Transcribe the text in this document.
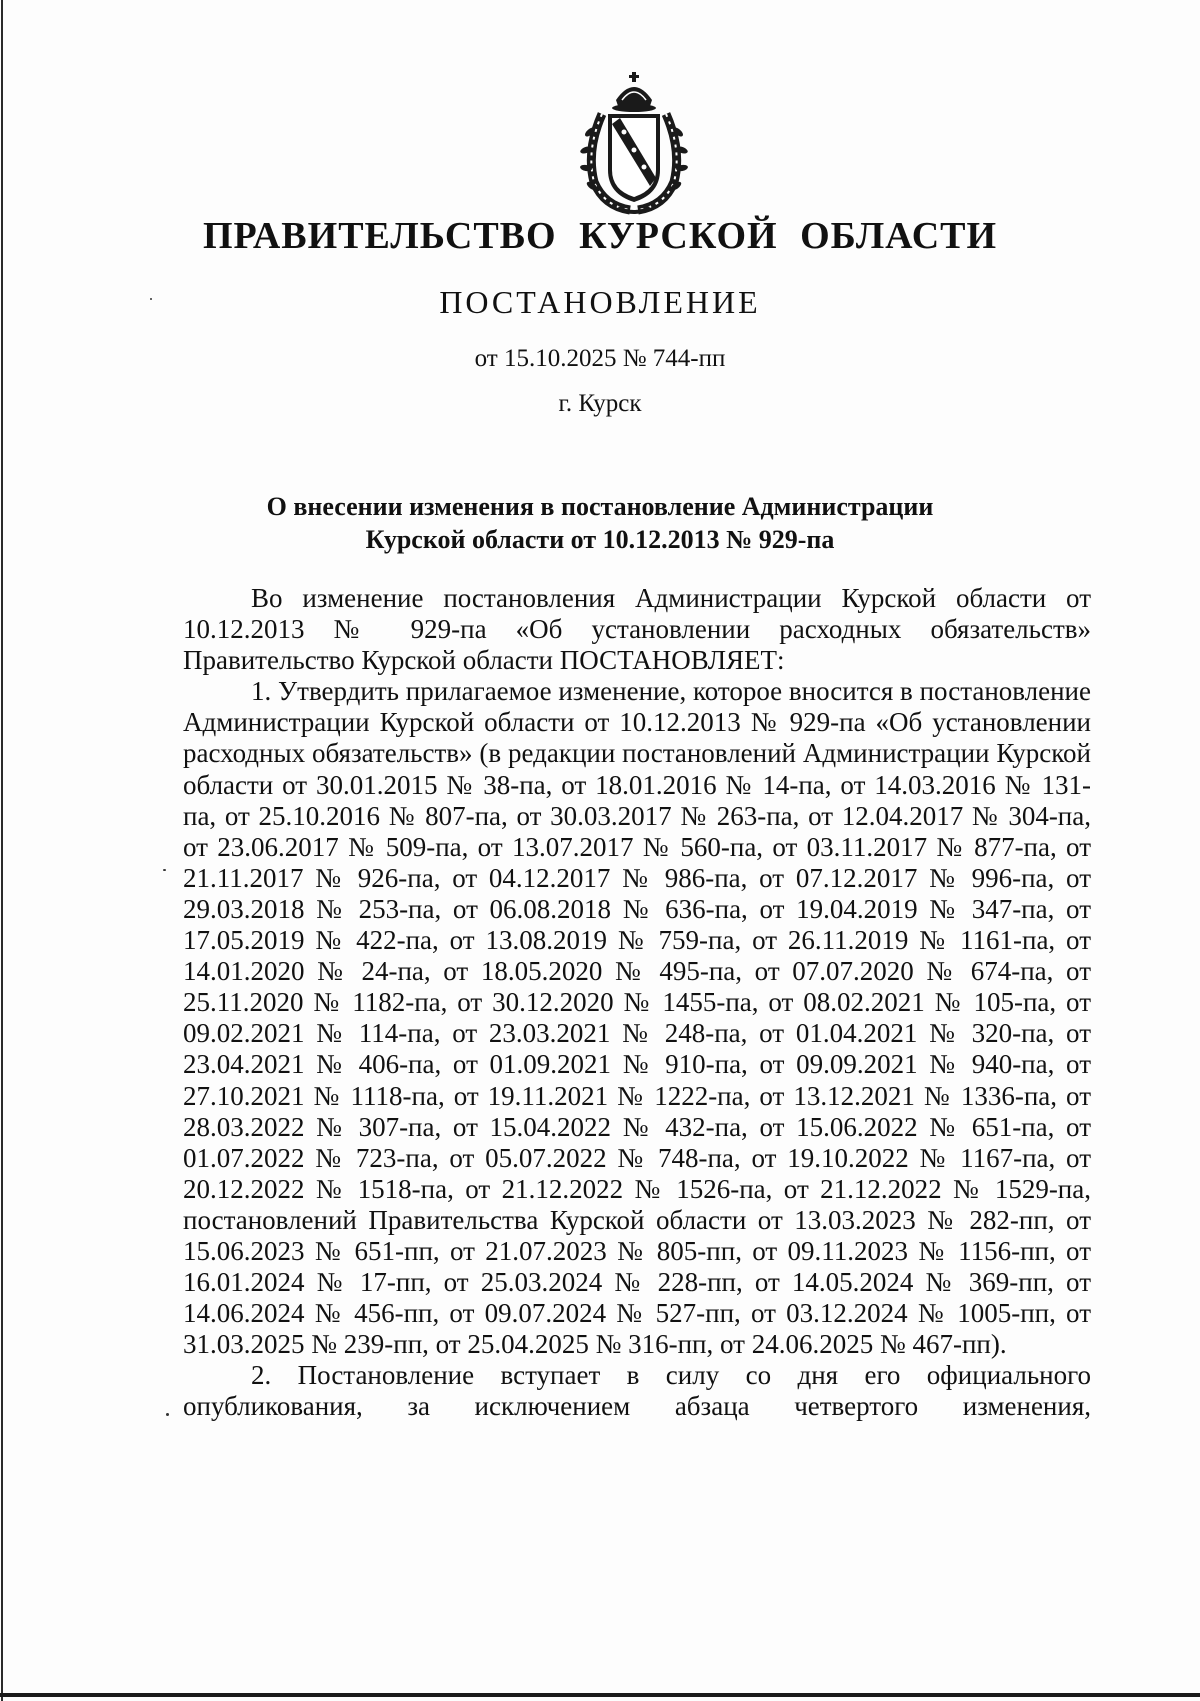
ПРАВИТЕЛЬСТВО КУРСКОЙ ОБЛАСТИ
ПОСТАНОВЛЕНИЕ
от 15.10.2025 № 744-пп
г. Курск
О внесении изменения в постановление Администрации
Курской области от 10.12.2013 № 929-па

Во изменение постановления Администрации Курской области от 10.12.2013 № 929-па «Об установлении расходных обязательств» Правительство Курской области ПОСТАНОВЛЯЕТ:

1. Утвердить прилагаемое изменение, которое вносится в постановление Администрации Курской области от 10.12.2013 № 929-па «Об установлении расходных обязательств» (в редакции постановлений Администрации Курской области от 30.01.2015 № 38-па, от 18.01.2016 № 14-па, от 14.03.2016 № 131-па, от 25.10.2016 № 807-па, от 30.03.2017 № 263-па, от 12.04.2017 № 304-па, от 23.06.2017 № 509-па, от 13.07.2017 № 560-па, от 03.11.2017 № 877-па, от 21.11.2017 № 926-па, от 04.12.2017 № 986-па, от 07.12.2017 № 996-па, от 29.03.2018 № 253-па, от 06.08.2018 № 636-па, от 19.04.2019 № 347-па, от 17.05.2019 № 422-па, от 13.08.2019 № 759-па, от 26.11.2019 № 1161-па, от 14.01.2020 № 24-па, от 18.05.2020 № 495-па, от 07.07.2020 № 674-па, от 25.11.2020 № 1182-па, от 30.12.2020 № 1455-па, от 08.02.2021 № 105-па, от 09.02.2021 № 114-па, от 23.03.2021 № 248-па, от 01.04.2021 № 320-па, от 23.04.2021 № 406-па, от 01.09.2021 № 910-па, от 09.09.2021 № 940-па, от 27.10.2021 № 1118-па, от 19.11.2021 № 1222-па, от 13.12.2021 № 1336-па, от 28.03.2022 № 307-па, от 15.04.2022 № 432-па, от 15.06.2022 № 651-па, от 01.07.2022 № 723-па, от 05.07.2022 № 748-па, от 19.10.2022 № 1167-па, от 20.12.2022 № 1518-па, от 21.12.2022 № 1526-па, от 21.12.2022 № 1529-па, постановлений Правительства Курской области от 13.03.2023 № 282-пп, от 15.06.2023 № 651-пп, от 21.07.2023 № 805-пп, от 09.11.2023 № 1156-пп, от 16.01.2024 № 17-пп, от 25.03.2024 № 228-пп, от 14.05.2024 № 369-пп, от 14.06.2024 № 456-пп, от 09.07.2024 № 527-пп, от 03.12.2024 № 1005-пп, от 31.03.2025 № 239-пп, от 25.04.2025 № 316-пп, от 24.06.2025 № 467-пп).

2. Постановление вступает в силу со дня его официального опубликования, за исключением абзаца четвертого изменения,
